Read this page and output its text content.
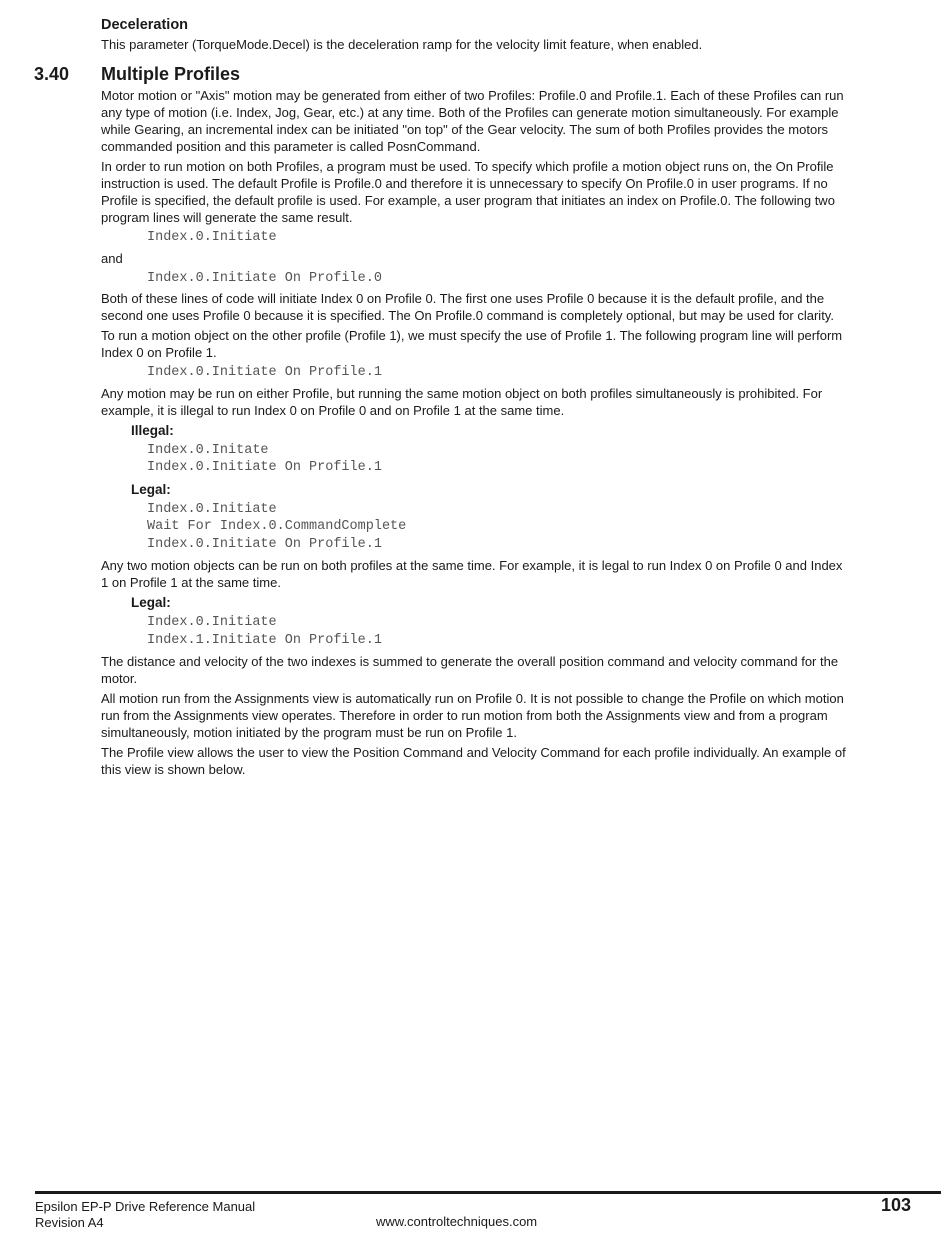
Deceleration

This parameter (TorqueMode.Decel) is the deceleration ramp for the velocity limit feature, when enabled.

3.40 Multiple Profiles

Motor motion or "Axis" motion may be generated from either of two Profiles: Profile.0 and Profile.1. Each of these Profiles can run any type of motion (i.e. Index, Jog, Gear, etc.) at any time. Both of the Profiles can generate motion simultaneously. For example while Gearing, an incremental index can be initiated "on top" of the Gear velocity. The sum of both Profiles provides the motors commanded position and this parameter is called PosnCommand.

In order to run motion on both Profiles, a program must be used. To specify which profile a motion object runs on, the On Profile instruction is used. The default Profile is Profile.0 and therefore it is unnecessary to specify On Profile.0 in user programs. If no Profile is specified, the default profile is used. For example, a user program that initiates an index on Profile.0. The following two program lines will generate the same result.

Index.0.Initiate

and

Index.0.Initiate On Profile.0

Both of these lines of code will initiate Index 0 on Profile 0. The first one uses Profile 0 because it is the default profile, and the second one uses Profile 0 because it is specified. The On Profile.0 command is completely optional, but may be used for clarity.

To run a motion object on the other profile (Profile 1), we must specify the use of Profile 1. The following program line will perform Index 0 on Profile 1.

Index.0.Initiate On Profile.1

Any motion may be run on either Profile, but running the same motion object on both profiles simultaneously is prohibited. For example, it is illegal to run Index 0 on Profile 0 and on Profile 1 at the same time.

Illegal:
Index.0.Initate
Index.0.Initiate On Profile.1
Legal:
Index.0.Initiate
Wait For Index.0.CommandComplete
Index.0.Initiate On Profile.1

Any two motion objects can be run on both profiles at the same time. For example, it is legal to run Index 0 on Profile 0 and Index 1 on Profile 1 at the same time.

Legal:
Index.0.Initiate
Index.1.Initiate On Profile.1

The distance and velocity of the two indexes is summed to generate the overall position command and velocity command for the motor.

All motion run from the Assignments view is automatically run on Profile 0. It is not possible to change the Profile on which motion run from the Assignments view operates. Therefore in order to run motion from both the Assignments view and from a program simultaneously, motion initiated by the program must be run on Profile 1.

The Profile view allows the user to view the Position Command and Velocity Command for each profile individually. An example of this view is shown below.

Epsilon EP-P Drive Reference Manual
Revision A4	www.controltechniques.com
103
